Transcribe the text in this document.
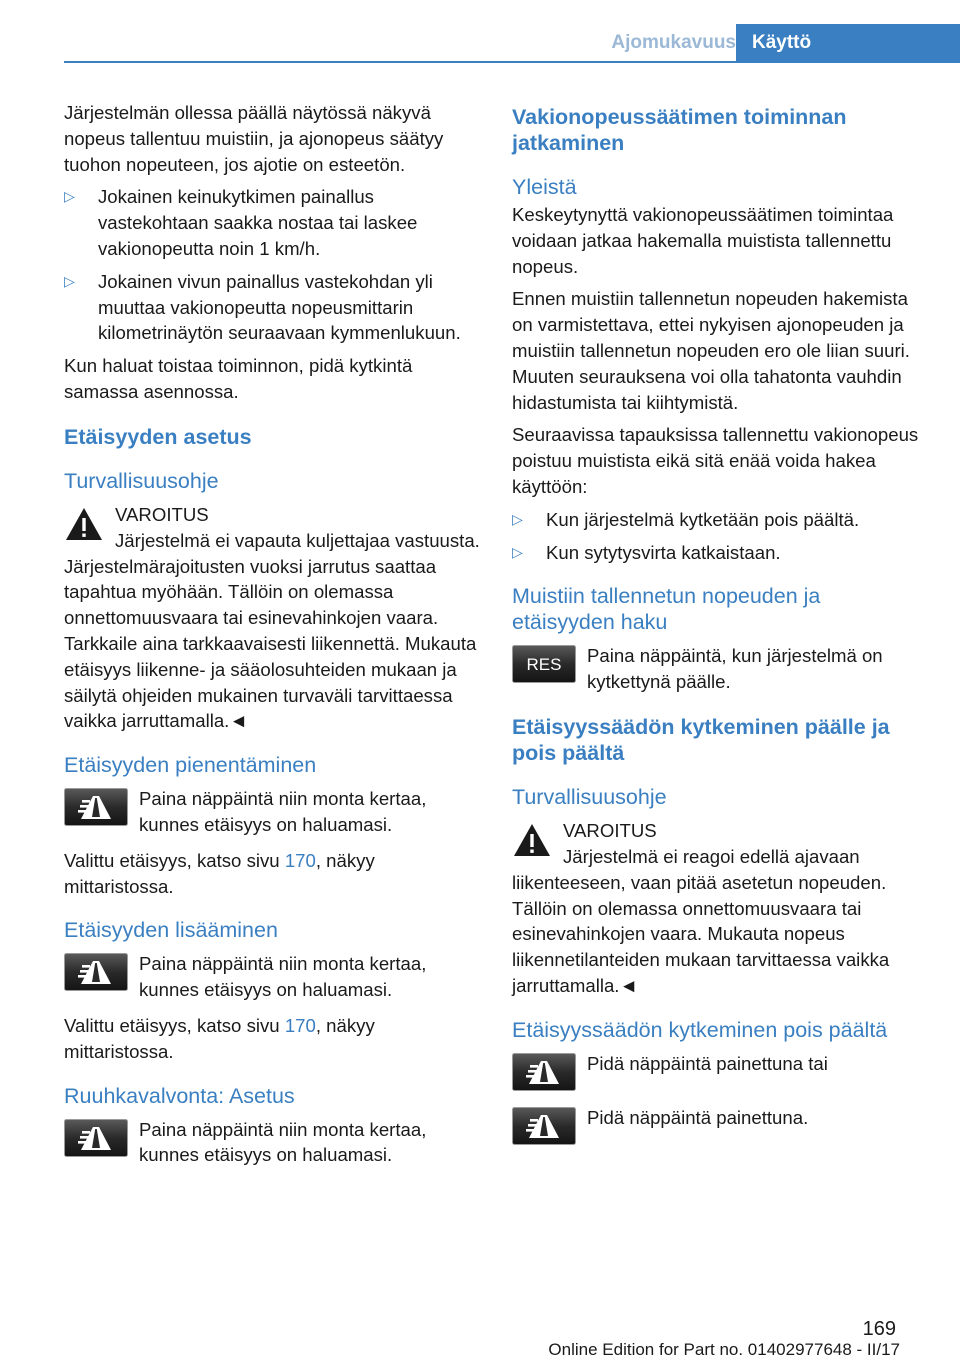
Ajomukavuus Käyttö

Järjestelmän ollessa päällä näytössä näkyvä nopeus tallentuu muistiin, ja ajonopeus säätyy tuohon nopeuteen, jos ajotie on esteetön.

▷ Jokainen keinukytkimen painallus vastekohtaan saakka nostaa tai laskee vakionopeutta noin 1 km/h.
▷ Jokainen vivun painallus vastekohdan yli muuttaa vakionopeutta nopeusmittarin kilometrinäytön seuraavaan kymmenlukuun.

Kun haluat toistaa toiminnon, pidä kytkintä samassa asennossa.

Etäisyyden asetus
Turvallisuusohje
VAROITUS

Järjestelmä ei vapauta kuljettajaa vastuusta. Järjestelmärajoitusten vuoksi jarrutus saattaa tapahtua myöhään. Tällöin on olemassa onnettomuusvaara tai esinevahinkojen vaara. Tarkkaile aina tarkkaavaisesti liikennettä. Mukauta etäisyys liikenne- ja sääolosuhteiden mukaan ja säilytä ohjeiden mukainen turvaväli tarvittaessa vaikka jarruttamalla.◄

Etäisyyden pienentäminen
Paina näppäintä niin monta kertaa, kunnes etäisyys on haluamasi.

Valittu etäisyys, katso sivu 170, näkyy mittaristossa.

Etäisyyden lisääminen
Paina näppäintä niin monta kertaa, kunnes etäisyys on haluamasi.

Valittu etäisyys, katso sivu 170, näkyy mittaristossa.

Ruuhkavalvonta: Asetus
Paina näppäintä niin monta kertaa, kunnes etäisyys on haluamasi.
Vakionopeussäätimen toiminnan jatkaminen
Yleistä

Keskeytynyttä vakionopeussäätimen toimintaa voidaan jatkaa hakemalla muistista tallennettu nopeus.

Ennen muistiin tallennetun nopeuden hakemista on varmistettava, ettei nykyisen ajonopeuden ja muistiin tallennetun nopeuden ero ole liian suuri. Muuten seurauksena voi olla tahatonta vauhdin hidastumista tai kiihtymistä.

Seuraavissa tapauksissa tallennettu vakionopeus poistuu muistista eikä sitä enää voida hakea käyttöön:

▷ Kun järjestelmä kytketään pois päältä.
▷ Kun sytytysvirta katkaistaan.
Muistiin tallennetun nopeuden ja etäisyyden haku
RES Paina näppäintä, kun järjestelmä on kytkettynä päälle.
Etäisyyssäädön kytkeminen päälle ja pois päältä
Turvallisuusohje
VAROITUS

Järjestelmä ei reagoi edellä ajavaan liikenteeseen, vaan pitää asetetun nopeuden. Tällöin on olemassa onnettomuusvaara tai esinevahinkojen vaara. Mukauta nopeus liikennetilanteiden mukaan tarvittaessa vaikka jarruttamalla.◄

Etäisyyssäädön kytkeminen pois päältä
Pidä näppäintä painettuna tai
Pidä näppäintä painettuna.
169
Online Edition for Part no. 01402977648 - II/17
